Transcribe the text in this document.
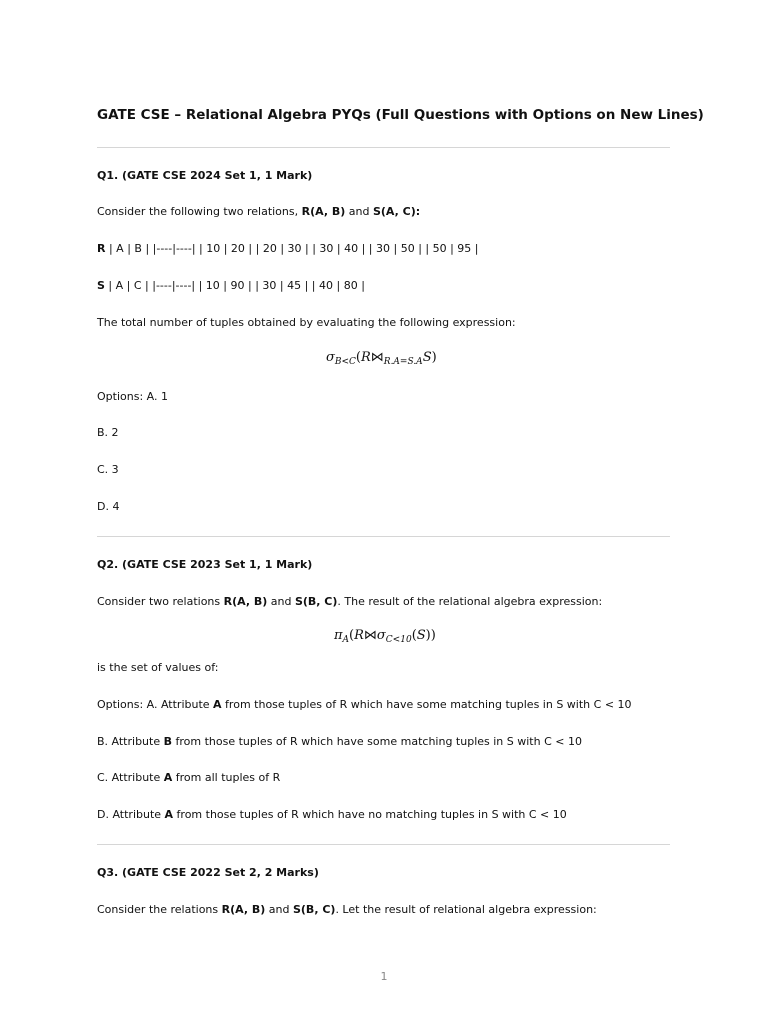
GATE CSE – Relational Algebra PYQs (Full Questions with Options on New Lines)
Q1. (GATE CSE 2024 Set 1, 1 Mark)
Consider the following two relations, R(A, B) and S(A, C):
R | A | B | |----|----| | 10 | 20 | | 20 | 30 | | 30 | 40 | | 30 | 50 | | 50 | 95 |
S | A | C | |----|----| | 10 | 90 | | 30 | 45 | | 40 | 80 |
The total number of tuples obtained by evaluating the following expression:
$\sigma_{B<C}(R⋈_{R.A=S.A}S)$
Options: A. 1
B. 2
C. 3
D. 4
Q2. (GATE CSE 2023 Set 1, 1 Mark)
Consider two relations R(A, B) and S(B, C). The result of the relational algebra expression:
$\pi_A(R⋈\sigma_{C<10}(S))$
is the set of values of:
Options: A. Attribute A from those tuples of R which have some matching tuples in S with C < 10
B. Attribute B from those tuples of R which have some matching tuples in S with C < 10
C. Attribute A from all tuples of R
D. Attribute A from those tuples of R which have no matching tuples in S with C < 10
Q3. (GATE CSE 2022 Set 2, 2 Marks)
Consider the relations R(A, B) and S(B, C). Let the result of relational algebra expression:
1
